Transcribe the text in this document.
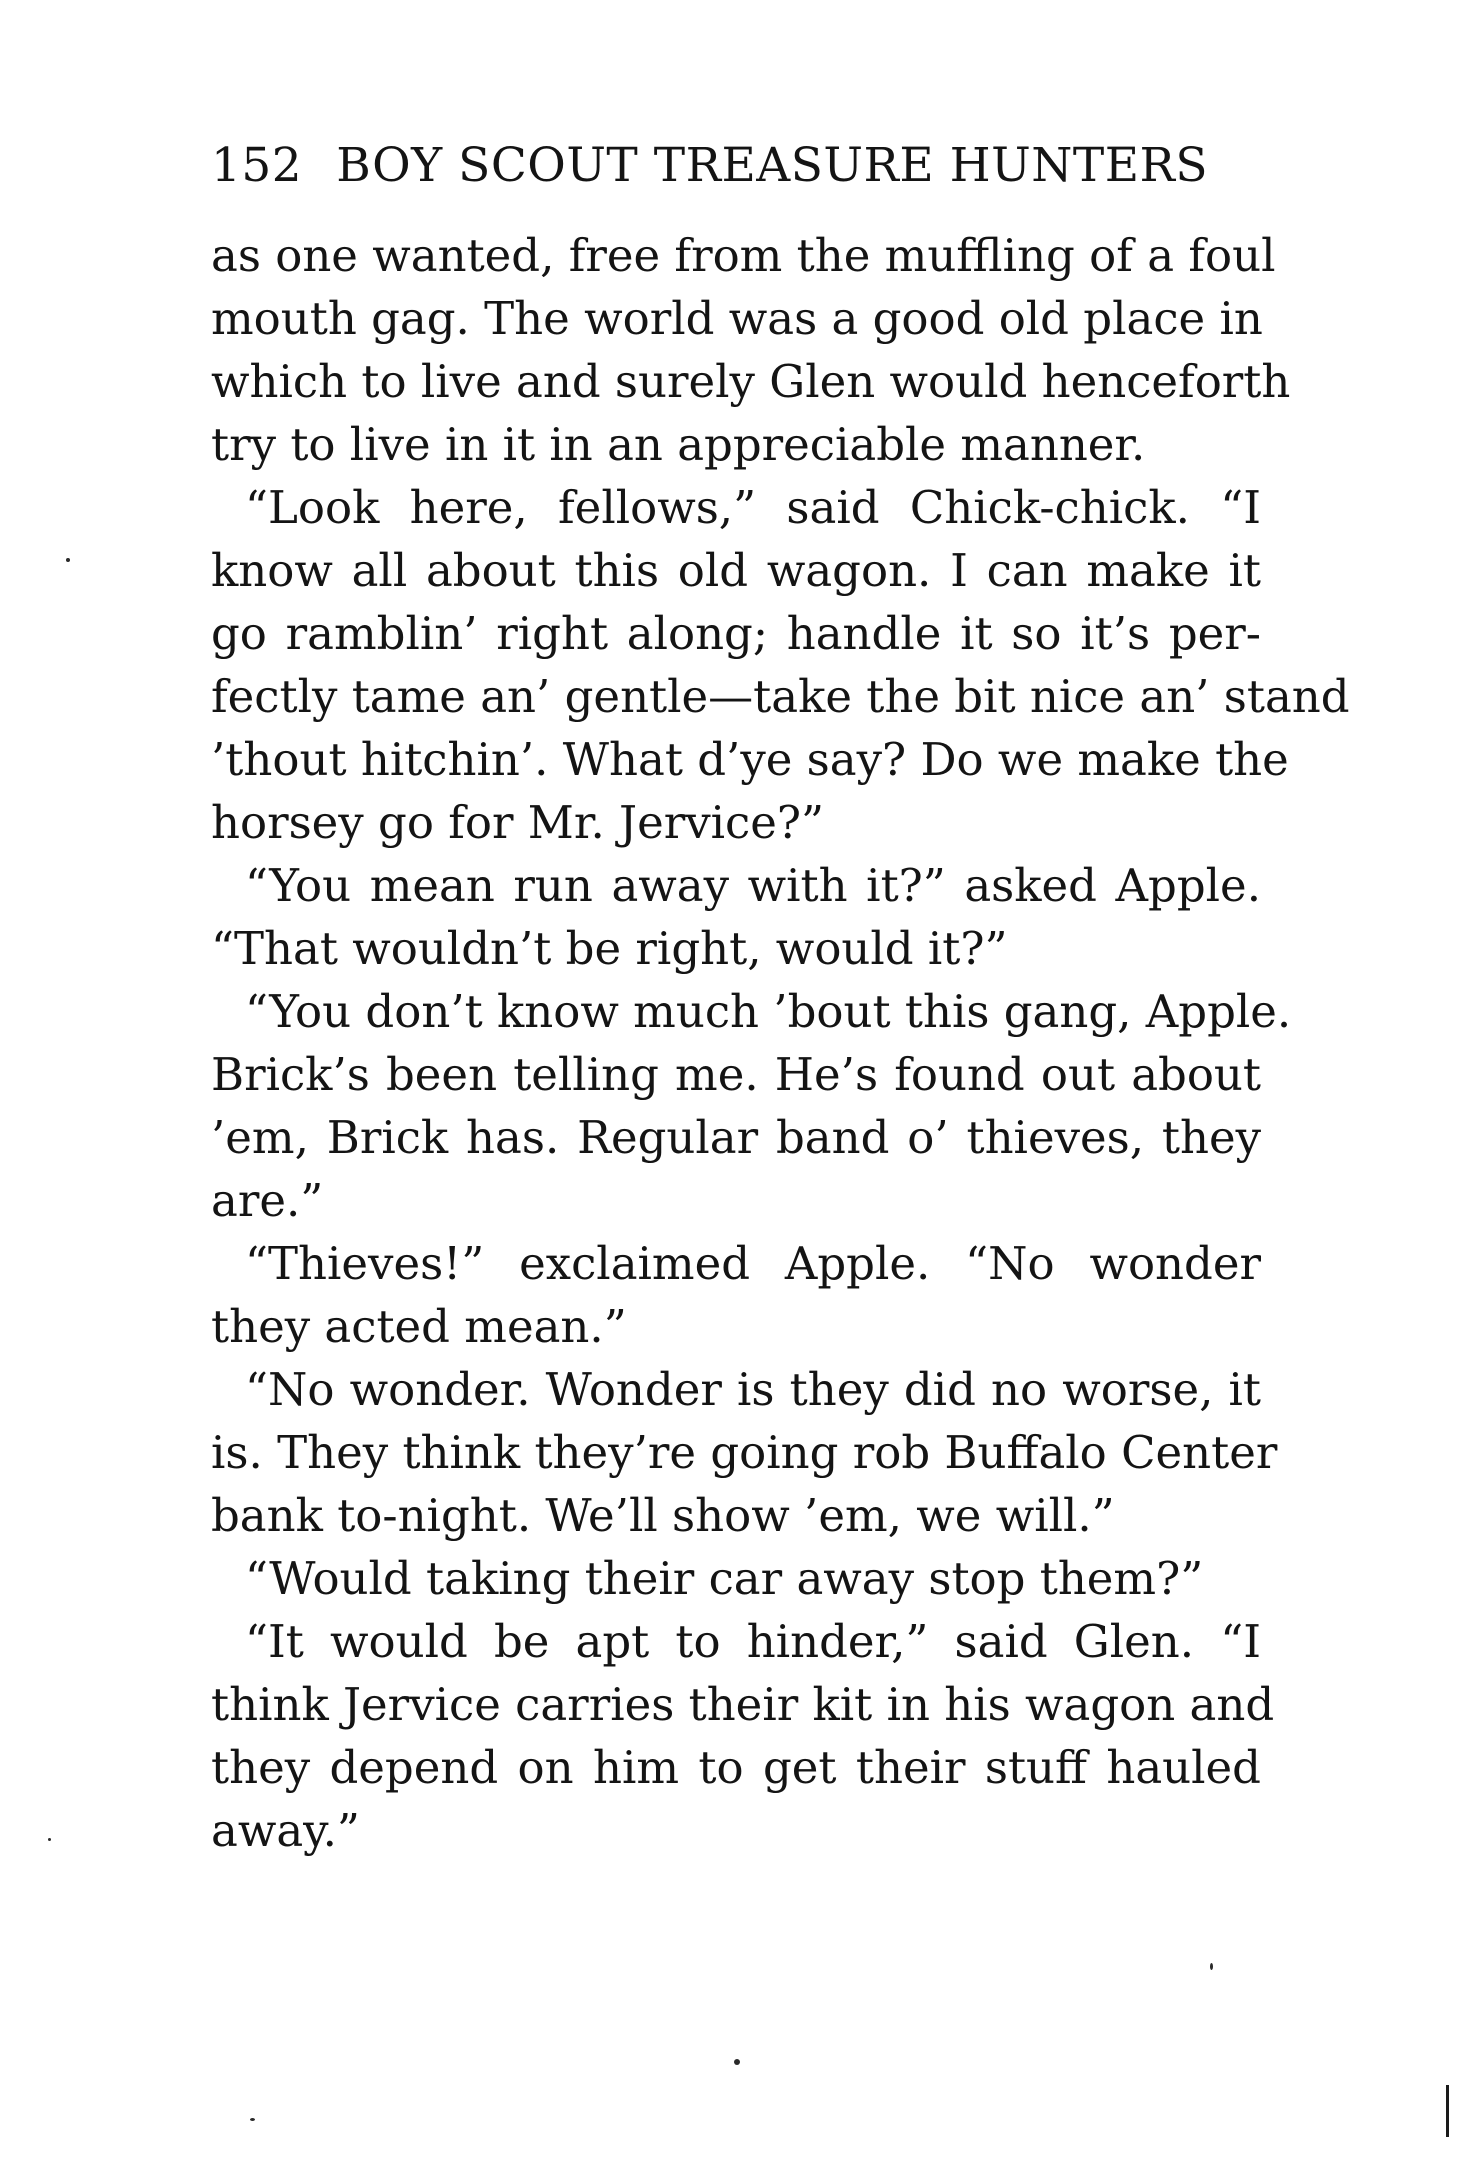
152 BOY SCOUT TREASURE HUNTERS
as one wanted, free from the muffling of a foul
mouth gag. The world was a good old place in
which to live and surely Glen would henceforth
try to live in it in an appreciable manner.
“Look here, fellows,” said Chick-chick. “I
know all about this old wagon. I can make it
go ramblin’ right along; handle it so it’s per-
fectly tame an’ gentle—take the bit nice an’ stand
’thout hitchin’. What d’ye say? Do we make the
horsey go for Mr. Jervice?”
“You mean run away with it?” asked Apple.
“That wouldn’t be right, would it?”
“You don’t know much ’bout this gang, Apple.
Brick’s been telling me. He’s found out about
’em, Brick has. Regular band o’ thieves, they
are.”
“Thieves!” exclaimed Apple. “No wonder
they acted mean.”
“No wonder. Wonder is they did no worse, it
is. They think they’re going rob Buffalo Center
bank to-night. We’ll show ’em, we will.”
“Would taking their car away stop them?”
“It would be apt to hinder,” said Glen. “I
think Jervice carries their kit in his wagon and
they depend on him to get their stuff hauled
away.”
